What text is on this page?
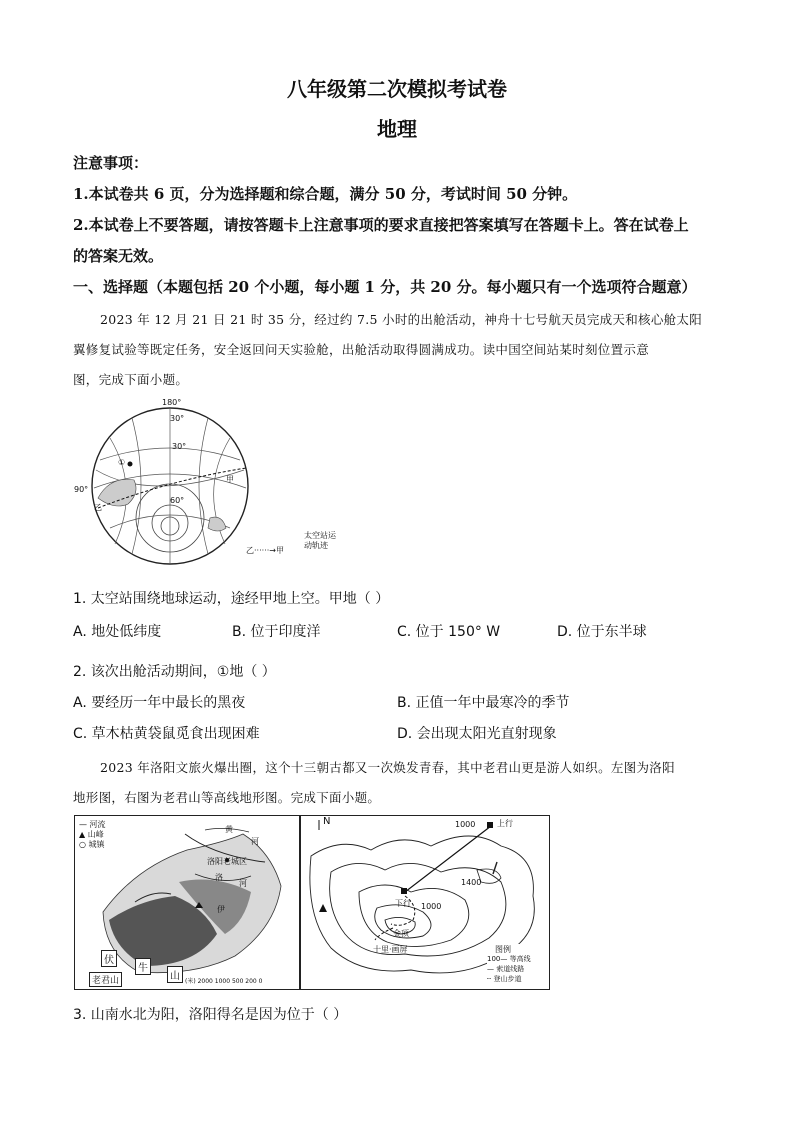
八年级第二次模拟考试卷
地理
注意事项：
1.本试卷共 6 页，分为选择题和综合题，满分 50 分，考试时间 50 分钟。
2.本试卷上不要答题，请按答题卡上注意事项的要求直接把答案填写在答题卡上。答在试卷上
的答案无效。
一、选择题（本题包括 20 个小题，每小题 1 分，共 20 分。每小题只有一个选项符合题意）
2023 年 12 月 21 日 21 时 35 分，经过约 7.5 小时的出舱活动，神舟十七号航天员完成天和核心舱太阳
翼修复试验等既定任务，安全返回问天实验舱，出舱活动取得圆满成功。读中国空间站某时刻位置示意
图，完成下面小题。
180°
30°
30°
60°
90°
①
甲
乙
乙······→甲
太空站运
动轨迹
1. 太空站围绕地球运动，途经甲地上空。甲地（ ）
A. 地处低纬度	B. 位于印度洋	C. 位于 150° W	D. 位于东半球
2. 该次出舱活动期间，①地（ ）
A. 要经历一年中最长的黑夜	B. 正值一年中最寒冷的季节
C. 草木枯黄袋鼠觅食出现困难	D. 会出现太阳光直射现象
2023 年洛阳文旅火爆出圈，这个十三朝古都又一次焕发青春，其中老君山更是游人如织。左图为洛阳
地形图，右图为老君山等高线地形图。完成下面小题。
— 河流
▲ 山峰
○ 城镇
黄
河
洛阳老城区
洛
河
伊
伏
牛
山
老君山	(米) 2000 1000 500 200 0
N	1000	上行
1400
下行 1000
金顶
十里·画屏	图例
100— 等高线
— 索道线路
┄ 登山步道
3. 山南水北为阳，洛阳得名是因为位于（ ）
